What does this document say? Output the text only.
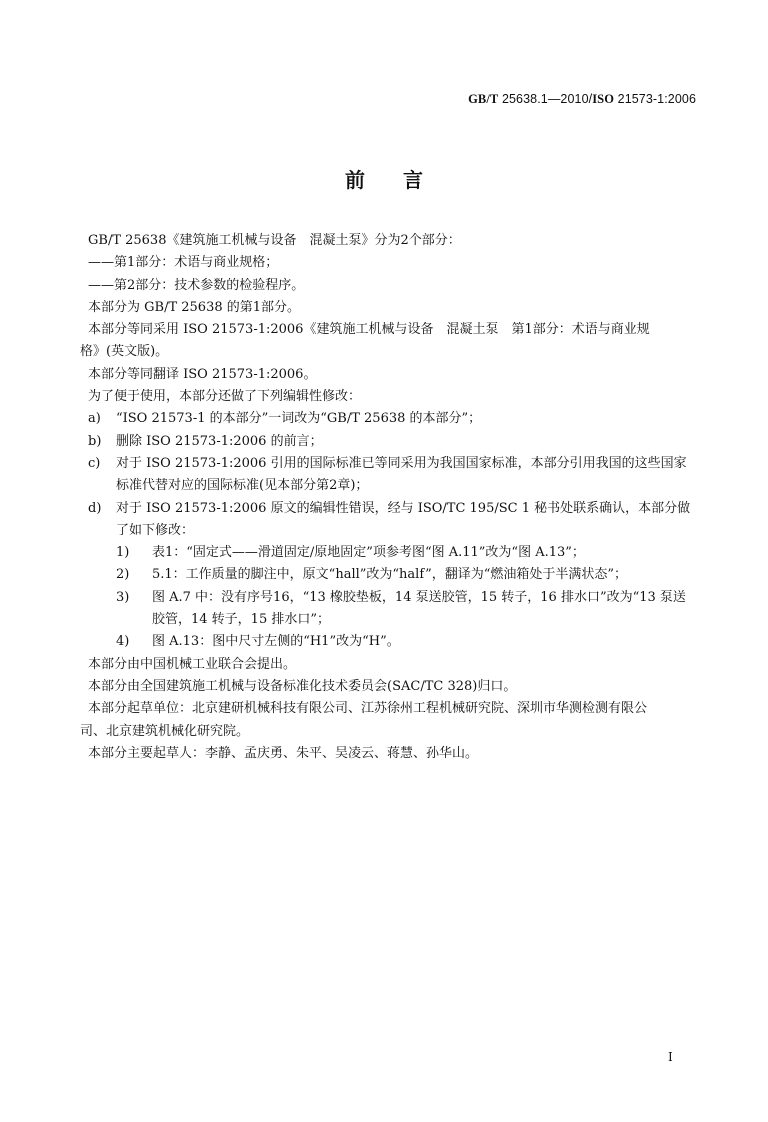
GB/T 25638.1—2010/ISO 21573-1:2006
前言

GB/T 25638《建筑施工机械与设备　混凝土泵》分为2个部分：

——第1部分：术语与商业规格；

——第2部分：技术参数的检验程序。

本部分为 GB/T 25638 的第1部分。

本部分等同采用 ISO 21573-1:2006《建筑施工机械与设备　混凝土泵　第1部分：术语与商业规

格》(英文版)。

本部分等同翻译 ISO 21573-1:2006。

为了便于使用，本部分还做了下列编辑性修改：

a)	“ISO 21573-1 的本部分”一词改为“GB/T 25638 的本部分”；
b)	删除 ISO 21573-1:2006 的前言；
c)	对于 ISO 21573-1:2006 引用的国际标准已等同采用为我国国家标准，本部分引用我国的这些国家标准代替对应的国际标准(见本部分第2章)；
d)	对于 ISO 21573-1:2006 原文的编辑性错误，经与 ISO/TC 195/SC 1 秘书处联系确认，本部分做了如下修改：
1)	表1：“固定式——滑道固定/原地固定”项参考图“图 A.11”改为“图 A.13”；
2)	5.1：工作质量的脚注中，原文“hall”改为“half”，翻译为“燃油箱处于半满状态”；
3)	图 A.7 中：没有序号16，“13 橡胶垫板，14 泵送胶管，15 转子，16 排水口”改为“13 泵送胶管，14 转子，15 排水口”；
4)	图 A.13：图中尺寸左侧的“H1”改为“H”。

本部分由中国机械工业联合会提出。

本部分由全国建筑施工机械与设备标准化技术委员会(SAC/TC 328)归口。

本部分起草单位：北京建研机械科技有限公司、江苏徐州工程机械研究院、深圳市华测检测有限公

司、北京建筑机械化研究院。

本部分主要起草人：李静、孟庆勇、朱平、吴凌云、蒋慧、孙华山。

I
